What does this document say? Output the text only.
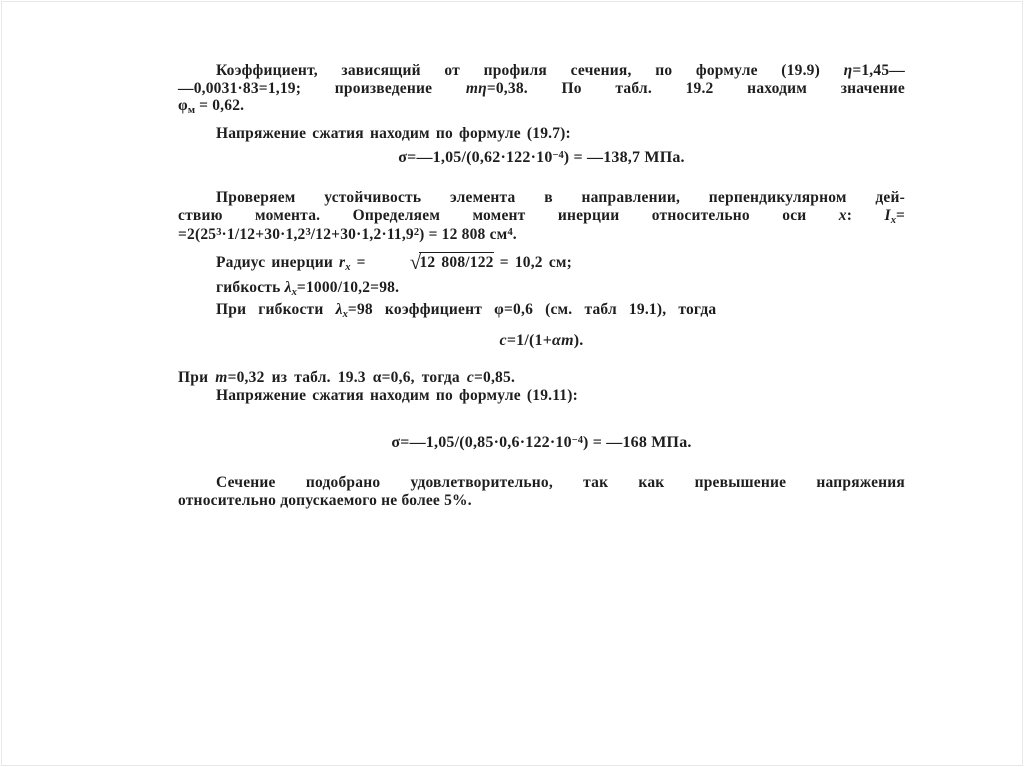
Коэффициент, зависящий от профиля сечения, по формуле (19.9) η=1,45—
—0,0031·83=1,19; произведение mη=0,38. По табл. 19.2 находим значение
φм = 0,62.
Напряжение сжатия находим по формуле (19.7):
$\sigma=—1,05/(0,62\cdot 122\cdot 10^{-4})$ = —138,7 МПа.
Проверяем устойчивость элемента в направлении, перпендикулярном дей-
ствию момента. Определяем момент инерции относительно оси x: Ix=
$=2(25^3\cdot 1/12+30\cdot 1,2^3/12+30\cdot 1,2\cdot 11,9^2) = 12$ 808 $см^4$.
Радиус инерции rx = √12 808/122 = 10,2 см;
гибкость λx=1000/10,2=98.
При гибкости λx=98 коэффициент φ=0,6 (см. табл 19.1), тогда
c=1/(1+αm).
При m=0,32 из табл. 19.3 α=0,6, тогда c=0,85.
Напряжение сжатия находим по формуле (19.11):
$\sigma=—1,05/(0,85\cdot 0,6\cdot 122\cdot 10^{-4})$ = —168 МПа.
Сечение подобрано удовлетворительно, так как превышение напряжения
относительно допускаемого не более 5%.
